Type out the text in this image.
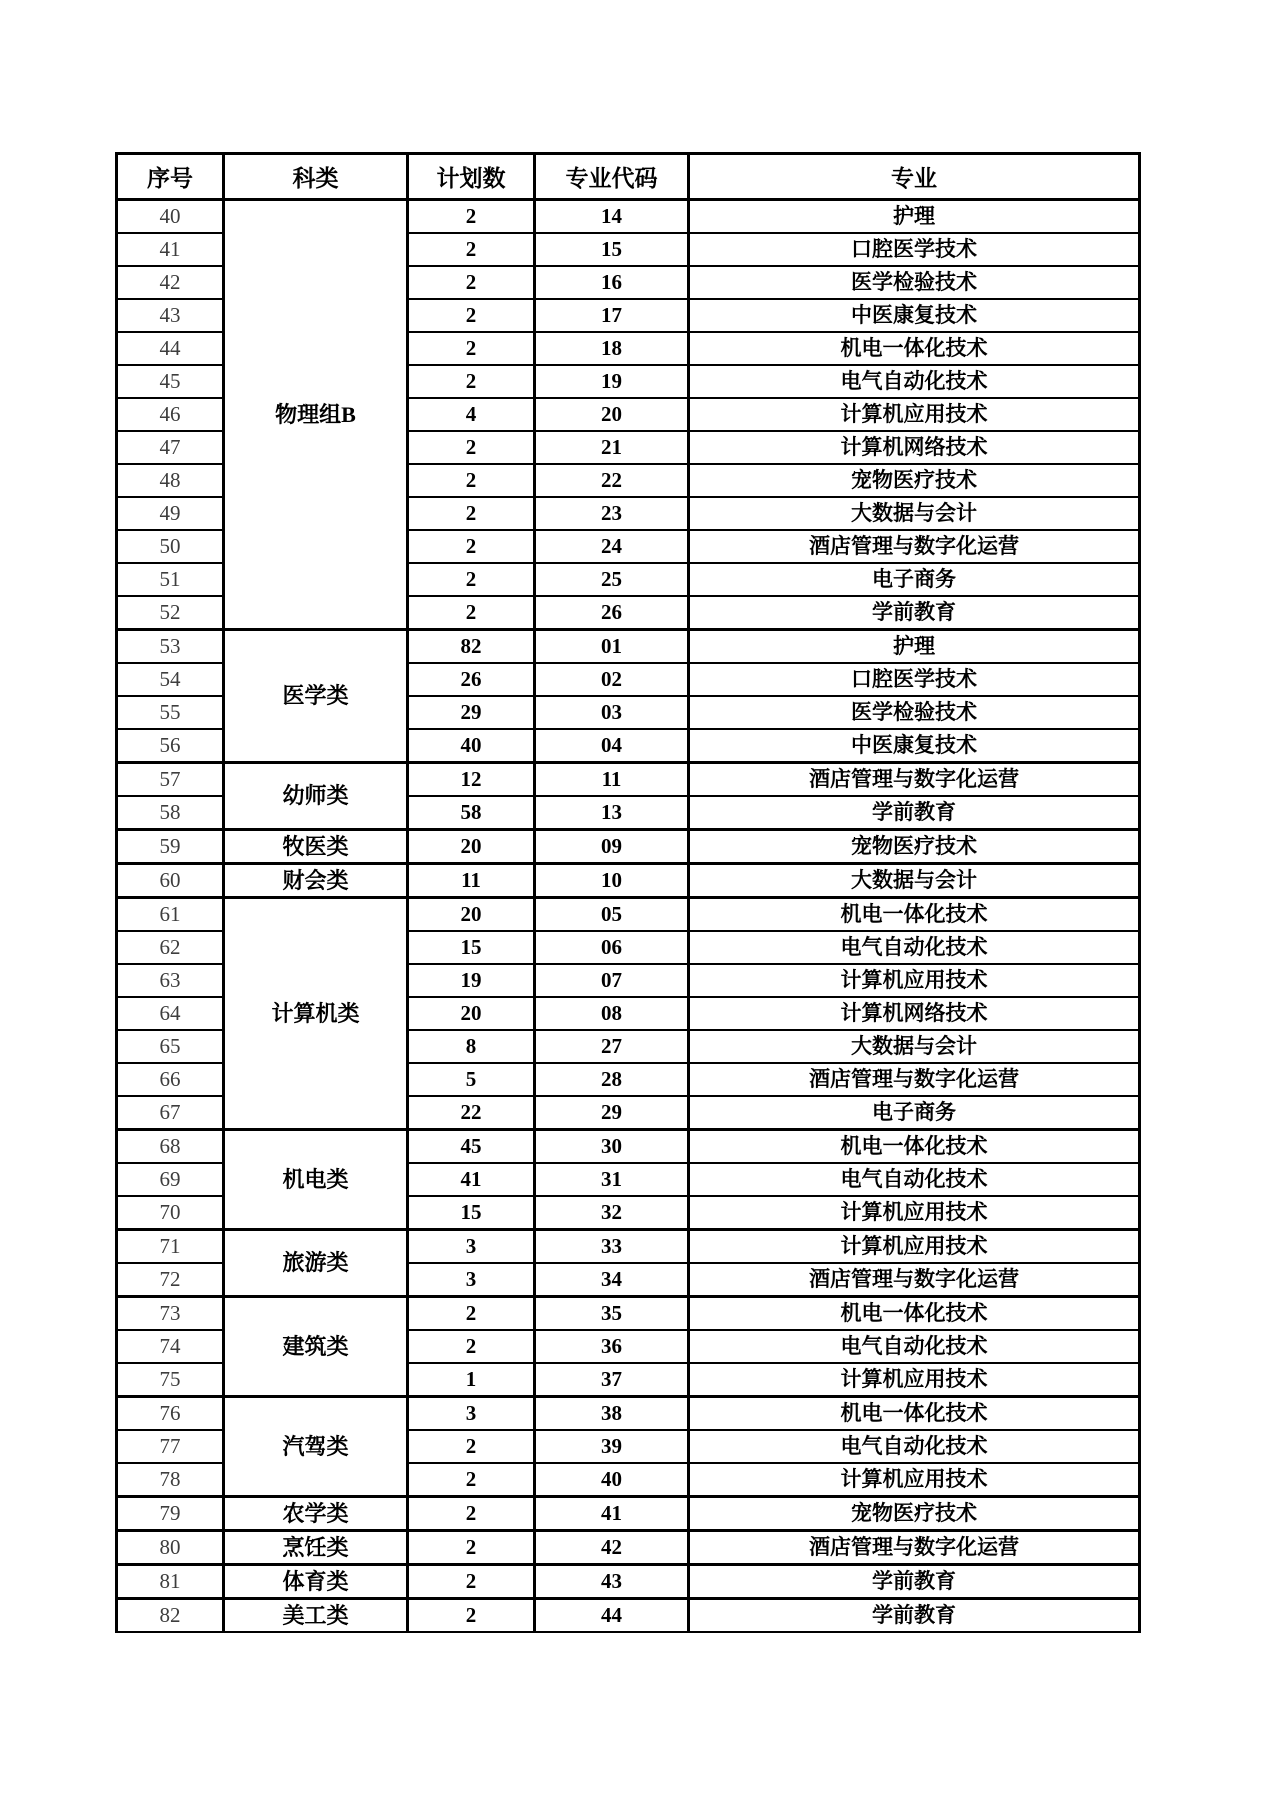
序号	科类	计划数	专业代码	专业
40	物理组B	2	14	护理
41		2	15	口腔医学技术
42		2	16	医学检验技术
43		2	17	中医康复技术
44		2	18	机电一体化技术
45		2	19	电气自动化技术
46		4	20	计算机应用技术
47		2	21	计算机网络技术
48		2	22	宠物医疗技术
49		2	23	大数据与会计
50		2	24	酒店管理与数字化运营
51		2	25	电子商务
52		2	26	学前教育
53	医学类	82	01	护理
54		26	02	口腔医学技术
55		29	03	医学检验技术
56		40	04	中医康复技术
57	幼师类	12	11	酒店管理与数字化运营
58		58	13	学前教育
59	牧医类	20	09	宠物医疗技术
60	财会类	11	10	大数据与会计
61	计算机类	20	05	机电一体化技术
62		15	06	电气自动化技术
63		19	07	计算机应用技术
64		20	08	计算机网络技术
65		8	27	大数据与会计
66		5	28	酒店管理与数字化运营
67		22	29	电子商务
68	机电类	45	30	机电一体化技术
69		41	31	电气自动化技术
70		15	32	计算机应用技术
71	旅游类	3	33	计算机应用技术
72		3	34	酒店管理与数字化运营
73	建筑类	2	35	机电一体化技术
74		2	36	电气自动化技术
75		1	37	计算机应用技术
76	汽驾类	3	38	机电一体化技术
77		2	39	电气自动化技术
78		2	40	计算机应用技术
79	农学类	2	41	宠物医疗技术
80	烹饪类	2	42	酒店管理与数字化运营
81	体育类	2	43	学前教育
82	美工类	2	44	学前教育
